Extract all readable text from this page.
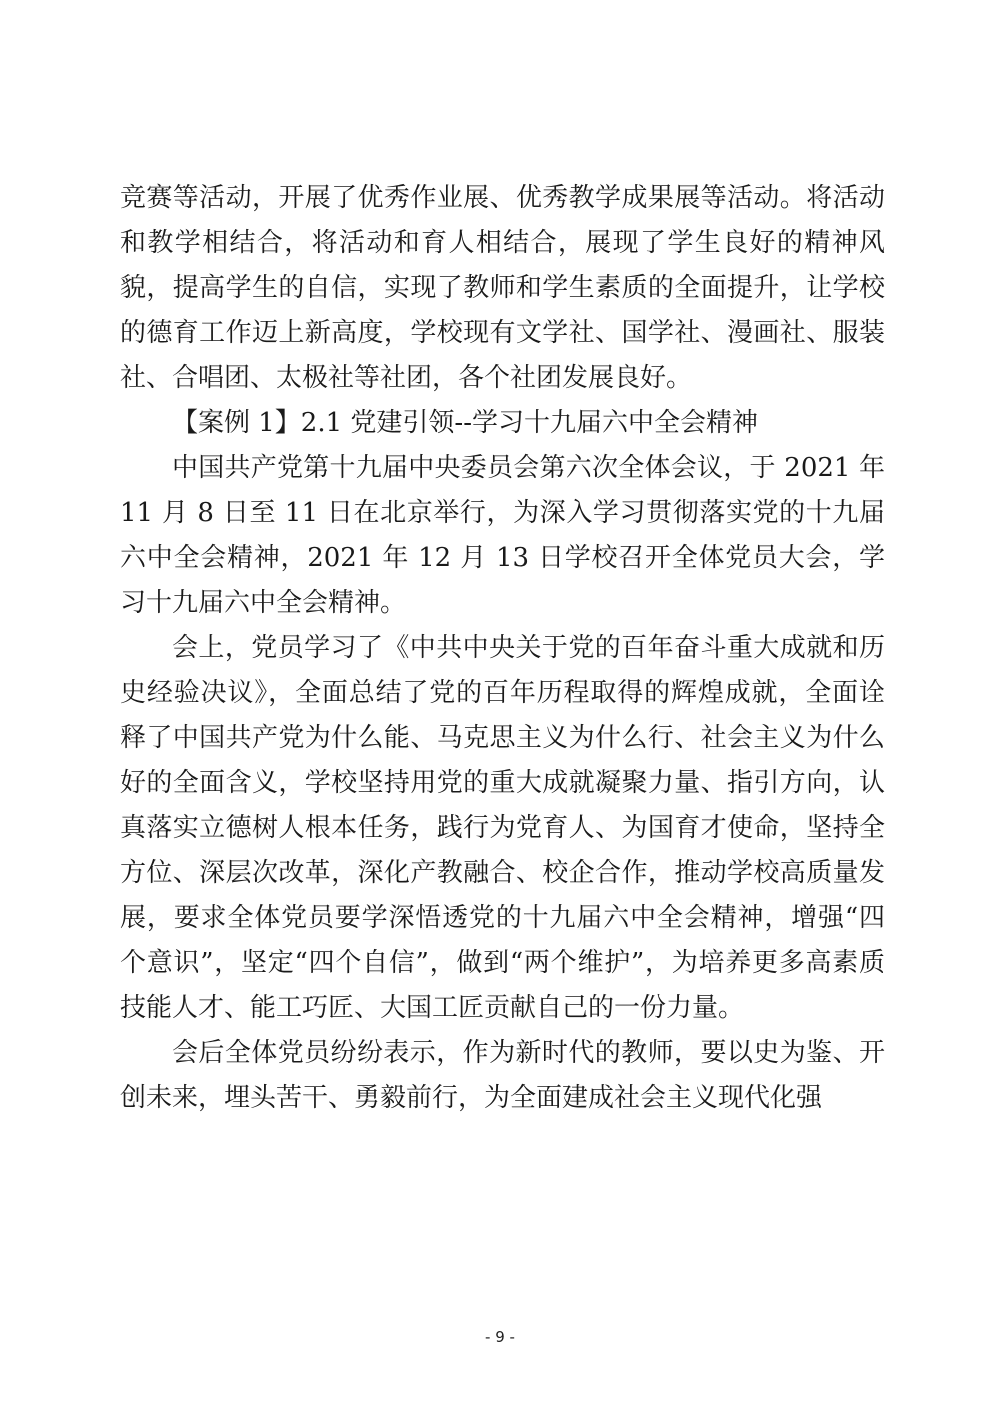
竞赛等活动，开展了优秀作业展、优秀教学成果展等活动。将活动和教学相结合，将活动和育人相结合，展现了学生良好的精神风貌，提高学生的自信，实现了教师和学生素质的全面提升，让学校的德育工作迈上新高度，学校现有文学社、国学社、漫画社、服装社、合唱团、太极社等社团，各个社团发展良好。

【案例 1】2.1 党建引领--学习十九届六中全会精神

中国共产党第十九届中央委员会第六次全体会议，于 2021 年 11 月 8 日至 11 日在北京举行，为深入学习贯彻落实党的十九届六中全会精神，2021 年 12 月 13 日学校召开全体党员大会，学习十九届六中全会精神。

会上，党员学习了《中共中央关于党的百年奋斗重大成就和历史经验决议》，全面总结了党的百年历程取得的辉煌成就，全面诠释了中国共产党为什么能、马克思主义为什么行、社会主义为什么好的全面含义，学校坚持用党的重大成就凝聚力量、指引方向，认真落实立德树人根本任务，践行为党育人、为国育才使命，坚持全方位、深层次改革，深化产教融合、校企合作，推动学校高质量发展，要求全体党员要学深悟透党的十九届六中全会精神，增强“四个意识”，坚定“四个自信”，做到“两个维护”，为培养更多高素质技能人才、能工巧匠、大国工匠贡献自己的一份力量。

会后全体党员纷纷表示，作为新时代的教师，要以史为鉴、开创未来，埋头苦干、勇毅前行，为全面建成社会主义现代化强

- 9 -
